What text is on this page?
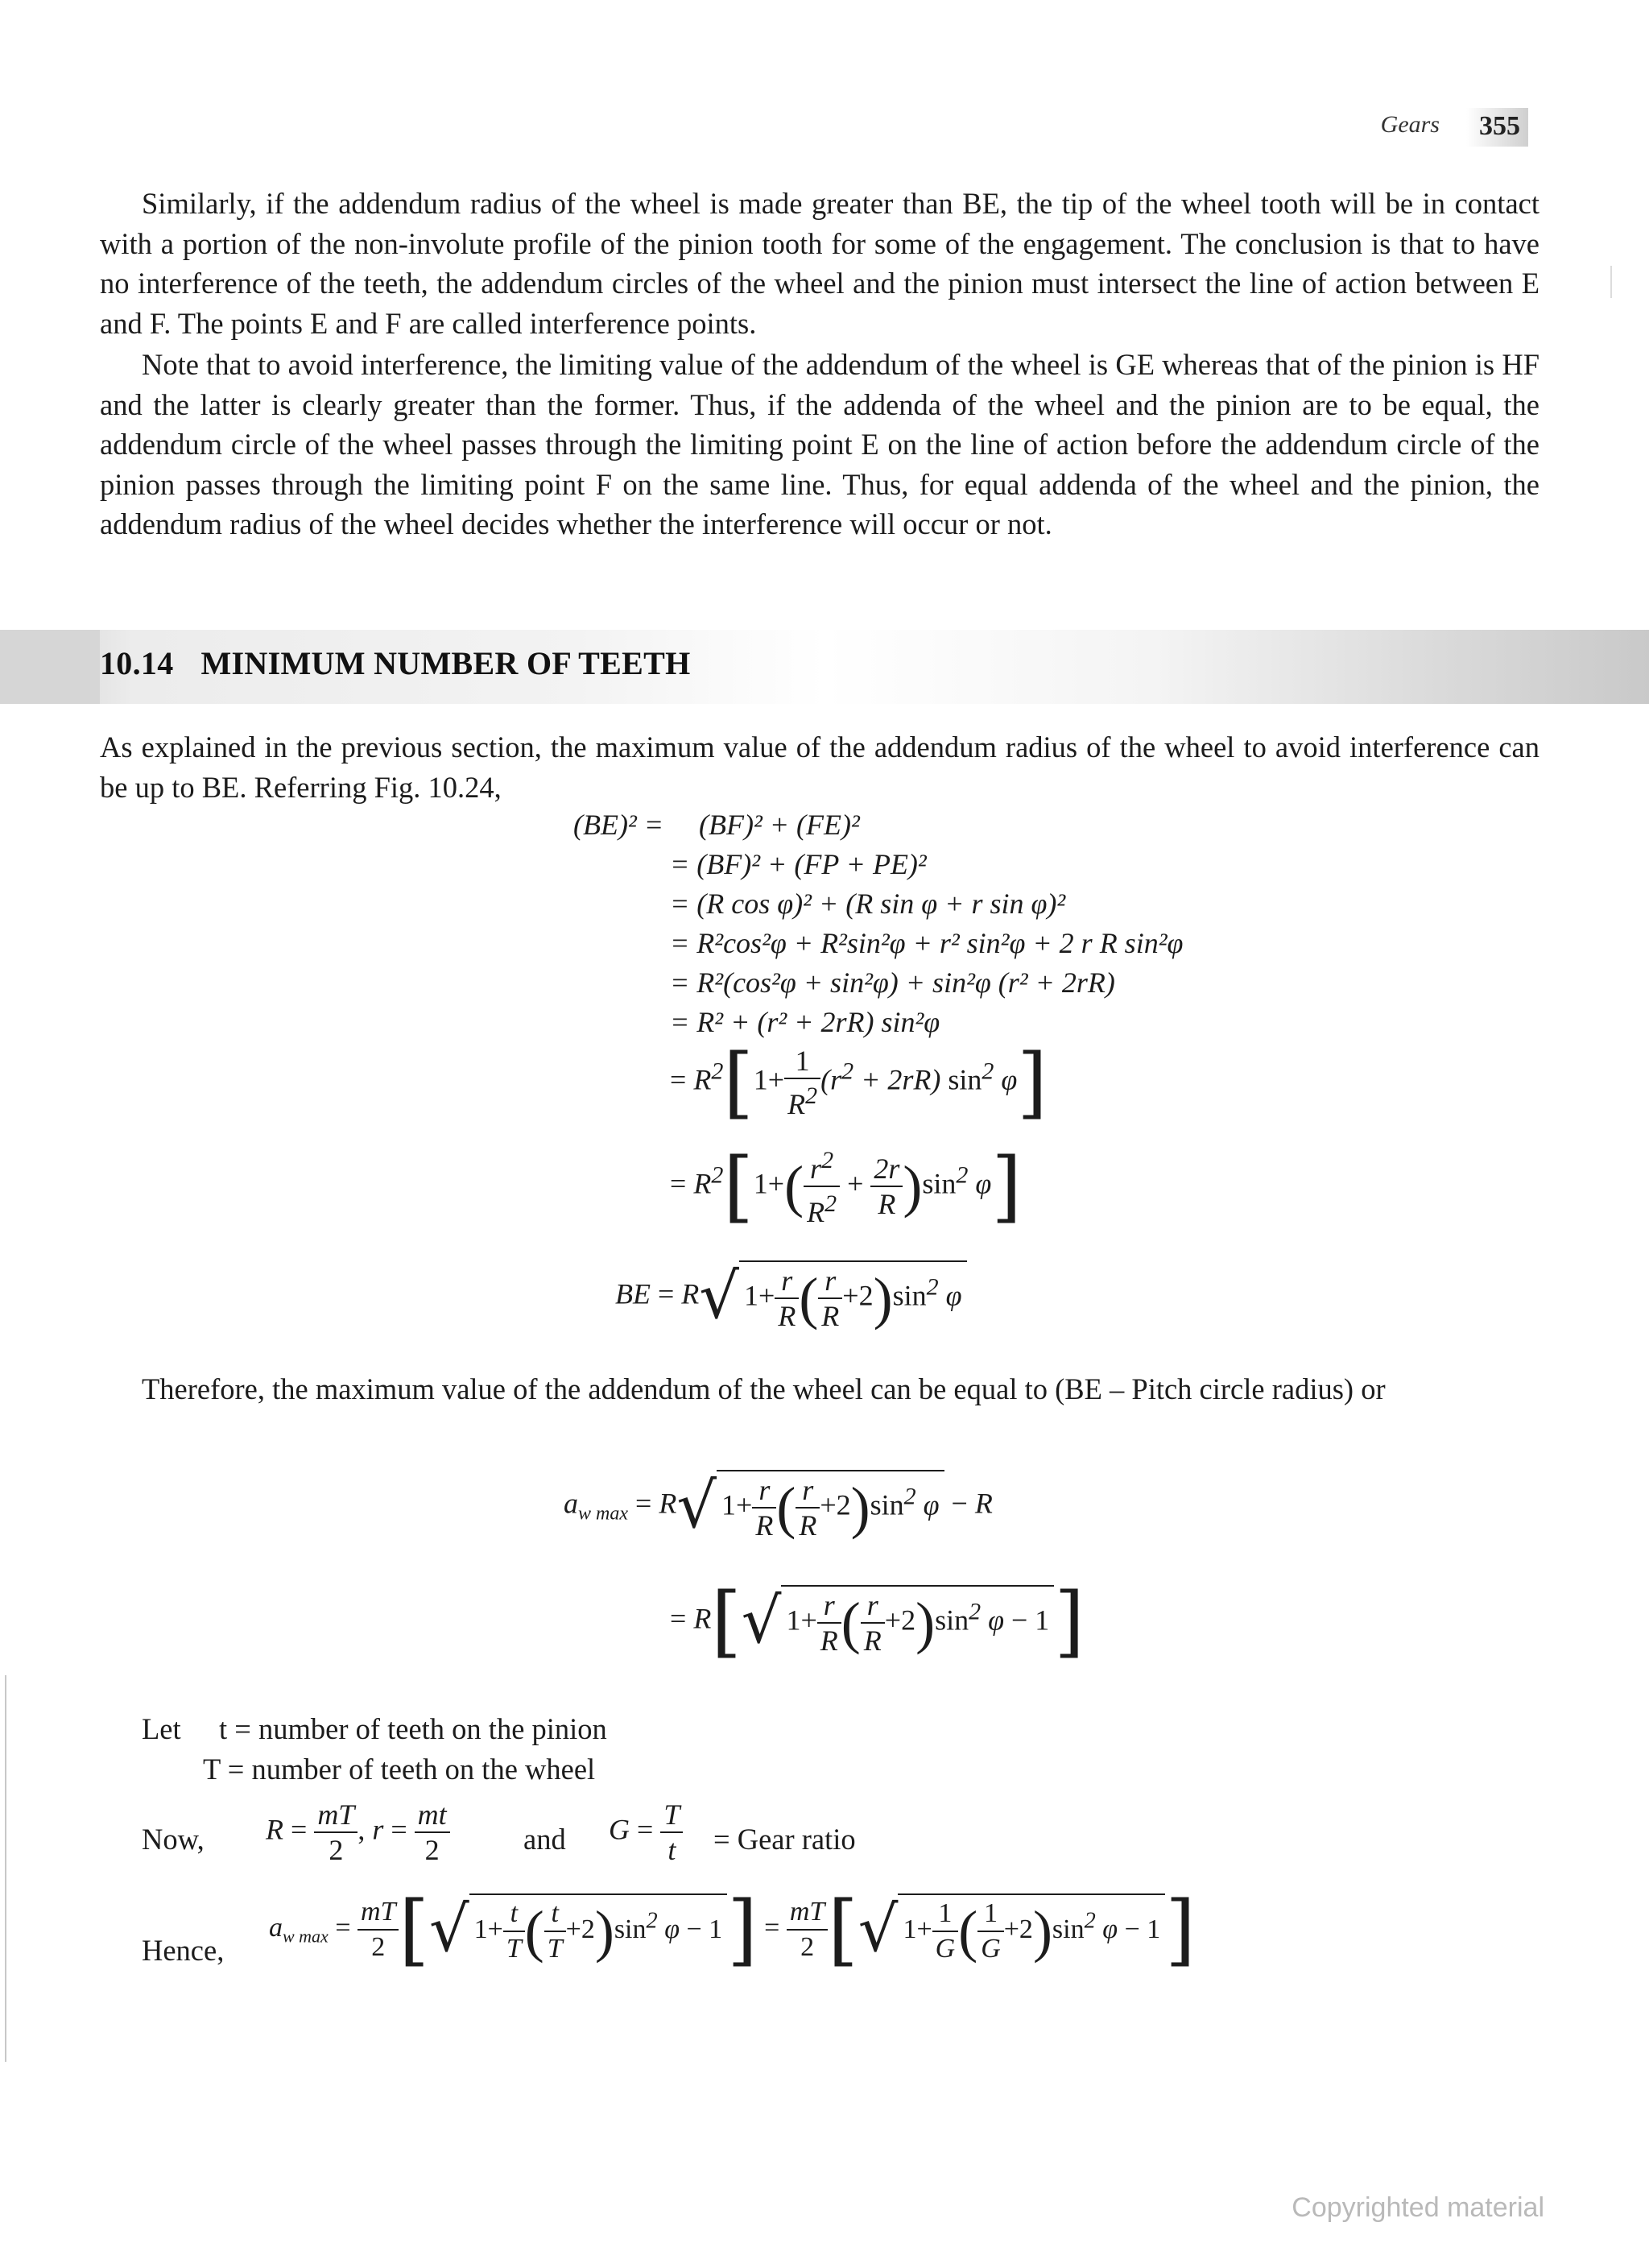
Gears	355

Similarly, if the addendum radius of the wheel is made greater than BE, the tip of the wheel tooth will be in contact with a portion of the non-involute profile of the pinion tooth for some of the engagement. The conclusion is that to have no interference of the teeth, the addendum circles of the wheel and the pinion must intersect the line of action between E and F. The points E and F are called interference points.

Note that to avoid interference, the limiting value of the addendum of the wheel is GE whereas that of the pinion is HF and the latter is clearly greater than the former. Thus, if the addenda of the wheel and the pinion are to be equal, the addendum circle of the wheel passes through the limiting point E on the line of action before the addendum circle of the pinion passes through the limiting point F on the same line. Thus, for equal addenda of the wheel and the pinion, the addendum radius of the wheel decides whether the interference will occur or not.

10.14 MINIMUM NUMBER OF TEETH

As explained in the previous section, the maximum value of the addendum radius of the wheel to avoid interference can be up to BE. Referring Fig. 10.24,

(BE)² = (BF)² + (FE)²
= (BF)² + (FP + PE)²
= (R cos φ)² + (R sin φ + r sin φ)²
= R²cos²φ + R²sin²φ + r² sin²φ + 2 r R sin²φ
= R²(cos²φ + sin²φ) + sin²φ (r² + 2rR)
= R² + (r² + 2rR) sin²φ
= $R^2[1+ \frac{1}{R^2} (r^2 + 2rR)$ $\sin^2 \varphi$]
= $R^2[1+( \frac{r^2}{R^2} + \frac{2r}{R} )\sin^2$ φ]
BE = R√ $1+ \frac{r}{R}$ ( $\frac{r}{R} +2)\sin^2$ φ

Therefore, the maximum value of the addendum of the wheel can be equal to (BE – Pitch circle radius) or

$a_{w max} = R√$ $1+ \frac{r}{R}$ ( $\frac{r}{R} +2)\sin^2$ φ − R
= R[√ $1+ \frac{r}{R}$ ( $\frac{r}{R} +2)\sin^2$ φ − 1]
Let t = number of teeth on the pinion
T = number of teeth on the wheel
Now, $R = \frac{mT}{2}$ , $r = \frac{mt}{2}$	and $G = \frac{T}{t}$ = Gear ratio
Hence,
$a_{w max} = \frac{mT}{2}$ [√ $1+ \frac{t}{T}$ ( $\frac{t}{T} +2)\sin^2$ $\varphi - 1] = \frac{mT}{2}$ [√ $1+ \frac{1}{G}$ ( $\frac{1}{G} +2)\sin^2$ φ − 1]
Copyrighted material
